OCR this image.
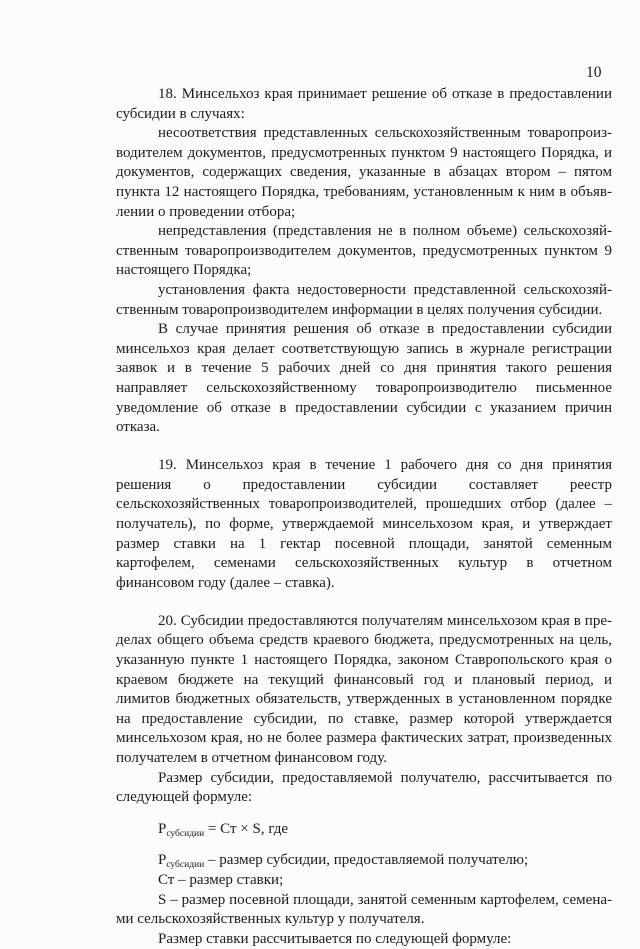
10

18. Минсельхоз края принимает решение об отказе в предоставлении субсидии в случаях:

несоответствия представленных сельскохозяйственным товаропроизводителем документов, предусмотренных пунктом 9 настоящего Порядка, и документов, содержащих сведения, указанные в абзацах втором – пятом пункта 12 настоящего Порядка, требованиям, установленным к ним в объявлении о проведении отбора;

непредставления (представления не в полном объеме) сельскохозяйственным товаропроизводителем документов, предусмотренных пунктом 9 настоящего Порядка;

установления факта недостоверности представленной сельскохозяйственным товаропроизводителем информации в целях получения субсидии.

В случае принятия решения об отказе в предоставлении субсидии минсельхоз края делает соответствующую запись в журнале регистрации заявок и в течение 5 рабочих дней со дня принятия такого решения направляет сельскохозяйственному товаропроизводителю письменное уведомление об отказе в предоставлении субсидии с указанием причин отказа.

19. Минсельхоз края в течение 1 рабочего дня со дня принятия решения о предоставлении субсидии составляет реестр сельскохозяйственных товаропроизводителей, прошедших отбор (далее – получатель), по форме, утверждаемой минсельхозом края, и утверждает размер ставки на 1 гектар посевной площади, занятой семенным картофелем, семенами сельскохозяйственных культур в отчетном финансовом году (далее – ставка).

20. Субсидии предоставляются получателям минсельхозом края в пределах общего объема средств краевого бюджета, предусмотренных на цель, указанную пункте 1 настоящего Порядка, законом Ставропольского края о краевом бюджете на текущий финансовый год и плановый период, и лимитов бюджетных обязательств, утвержденных в установленном порядке на предоставление субсидии, по ставке, размер которой утверждается минсельхозом края, но не более размера фактических затрат, произведенных получателем в отчетном финансовом году.

Размер субсидии, предоставляемой получателю, рассчитывается по следующей формуле:

$P_{субсидии}$ = Ст × S, где

$P_{субсидии}$ – размер субсидии, предоставляемой получателю;

Ст – размер ставки;

S – размер посевной площади, занятой семенным картофелем, семенами сельскохозяйственных культур у получателя.

Размер ставки рассчитывается по следующей формуле:
